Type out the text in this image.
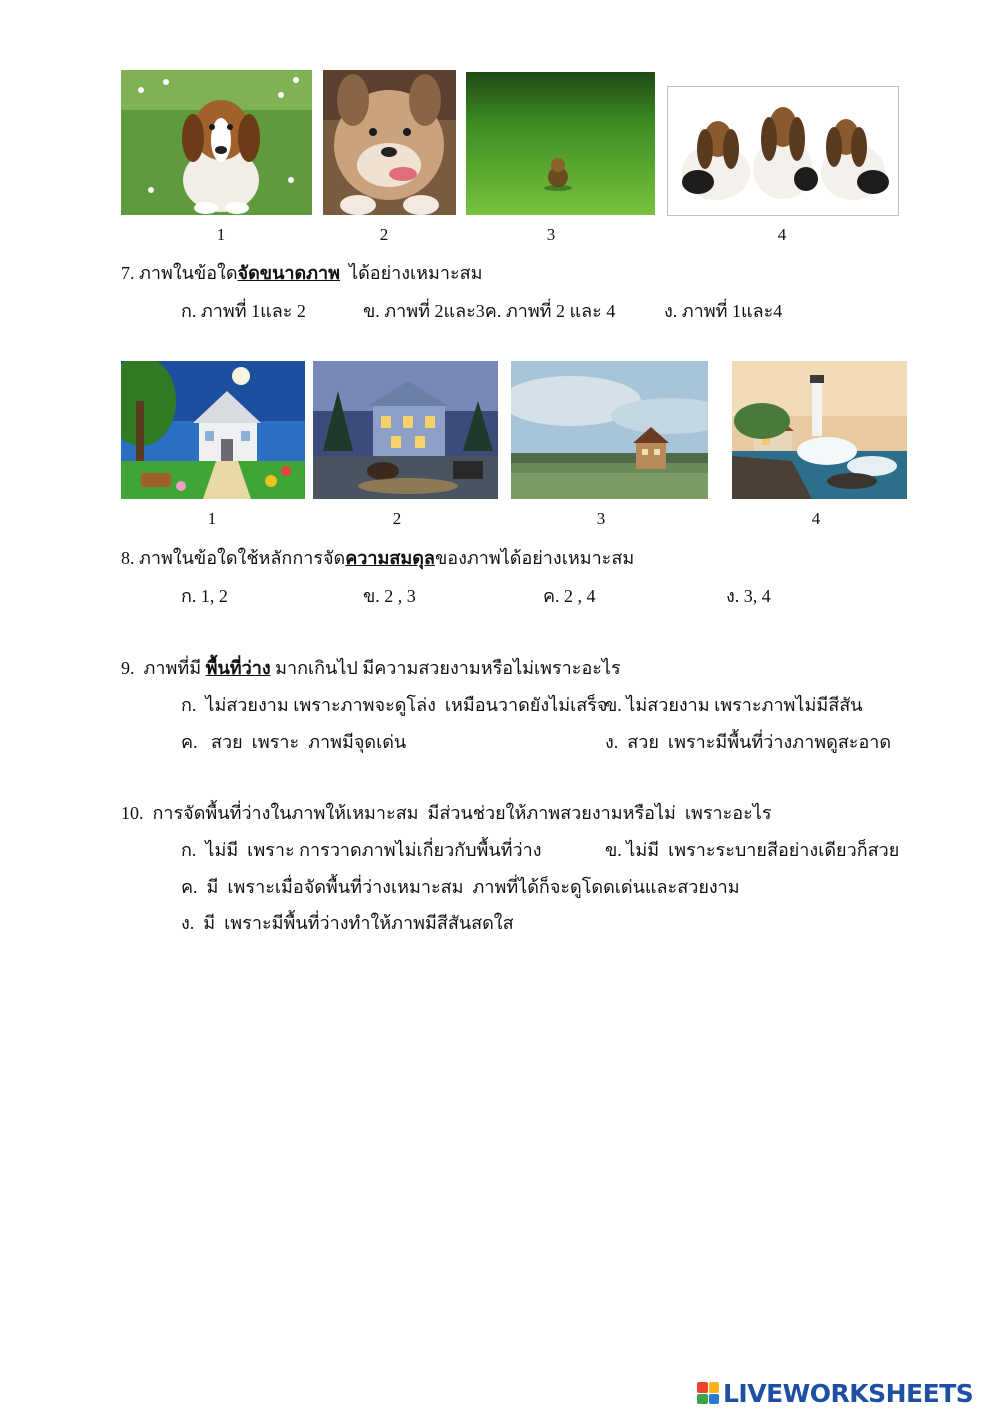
1	2	3	4
7. ภาพในข้อใดจัดขนาดภาพ  ได้อย่างเหมาะสม
ก. ภาพที่ 1และ 2	ข. ภาพที่ 2และ3ค. ภาพที่ 2 และ 4	ง. ภาพที่ 1และ4
1	2	3	4
8. ภาพในข้อใดใช้หลักการจัดความสมดุลของภาพได้อย่างเหมาะสม
ก. 1, 2	ข. 2 , 3	ค. 2 , 4	ง. 3, 4
9.  ภาพที่มี พื้นที่ว่าง มากเกินไป มีความสวยงามหรือไม่เพราะอะไร
ก.  ไม่สวยงาม เพราะภาพจะดูโล่ง  เหมือนวาดยังไม่เสร็จ
ข. ไม่สวยงาม เพราะภาพไม่มีสีสัน
ค.   สวย  เพราะ  ภาพมีจุดเด่น	ง.  สวย  เพราะมีพื้นที่ว่างภาพดูสะอาด
10.  การจัดพื้นที่ว่างในภาพให้เหมาะสม  มีส่วนช่วยให้ภาพสวยงามหรือไม่  เพราะอะไร
ก.  ไม่มี  เพราะ การวาดภาพไม่เกี่ยวกับพื้นที่ว่าง	ข. ไม่มี  เพราะระบายสีอย่างเดียวก็สวย
ค.  มี  เพราะเมื่อจัดพื้นที่ว่างเหมาะสม  ภาพที่ได้ก็จะดูโดดเด่นและสวยงาม
ง.  มี  เพราะมีพื้นที่ว่างทำให้ภาพมีสีสันสดใส
LIVEWORKSHEETS
